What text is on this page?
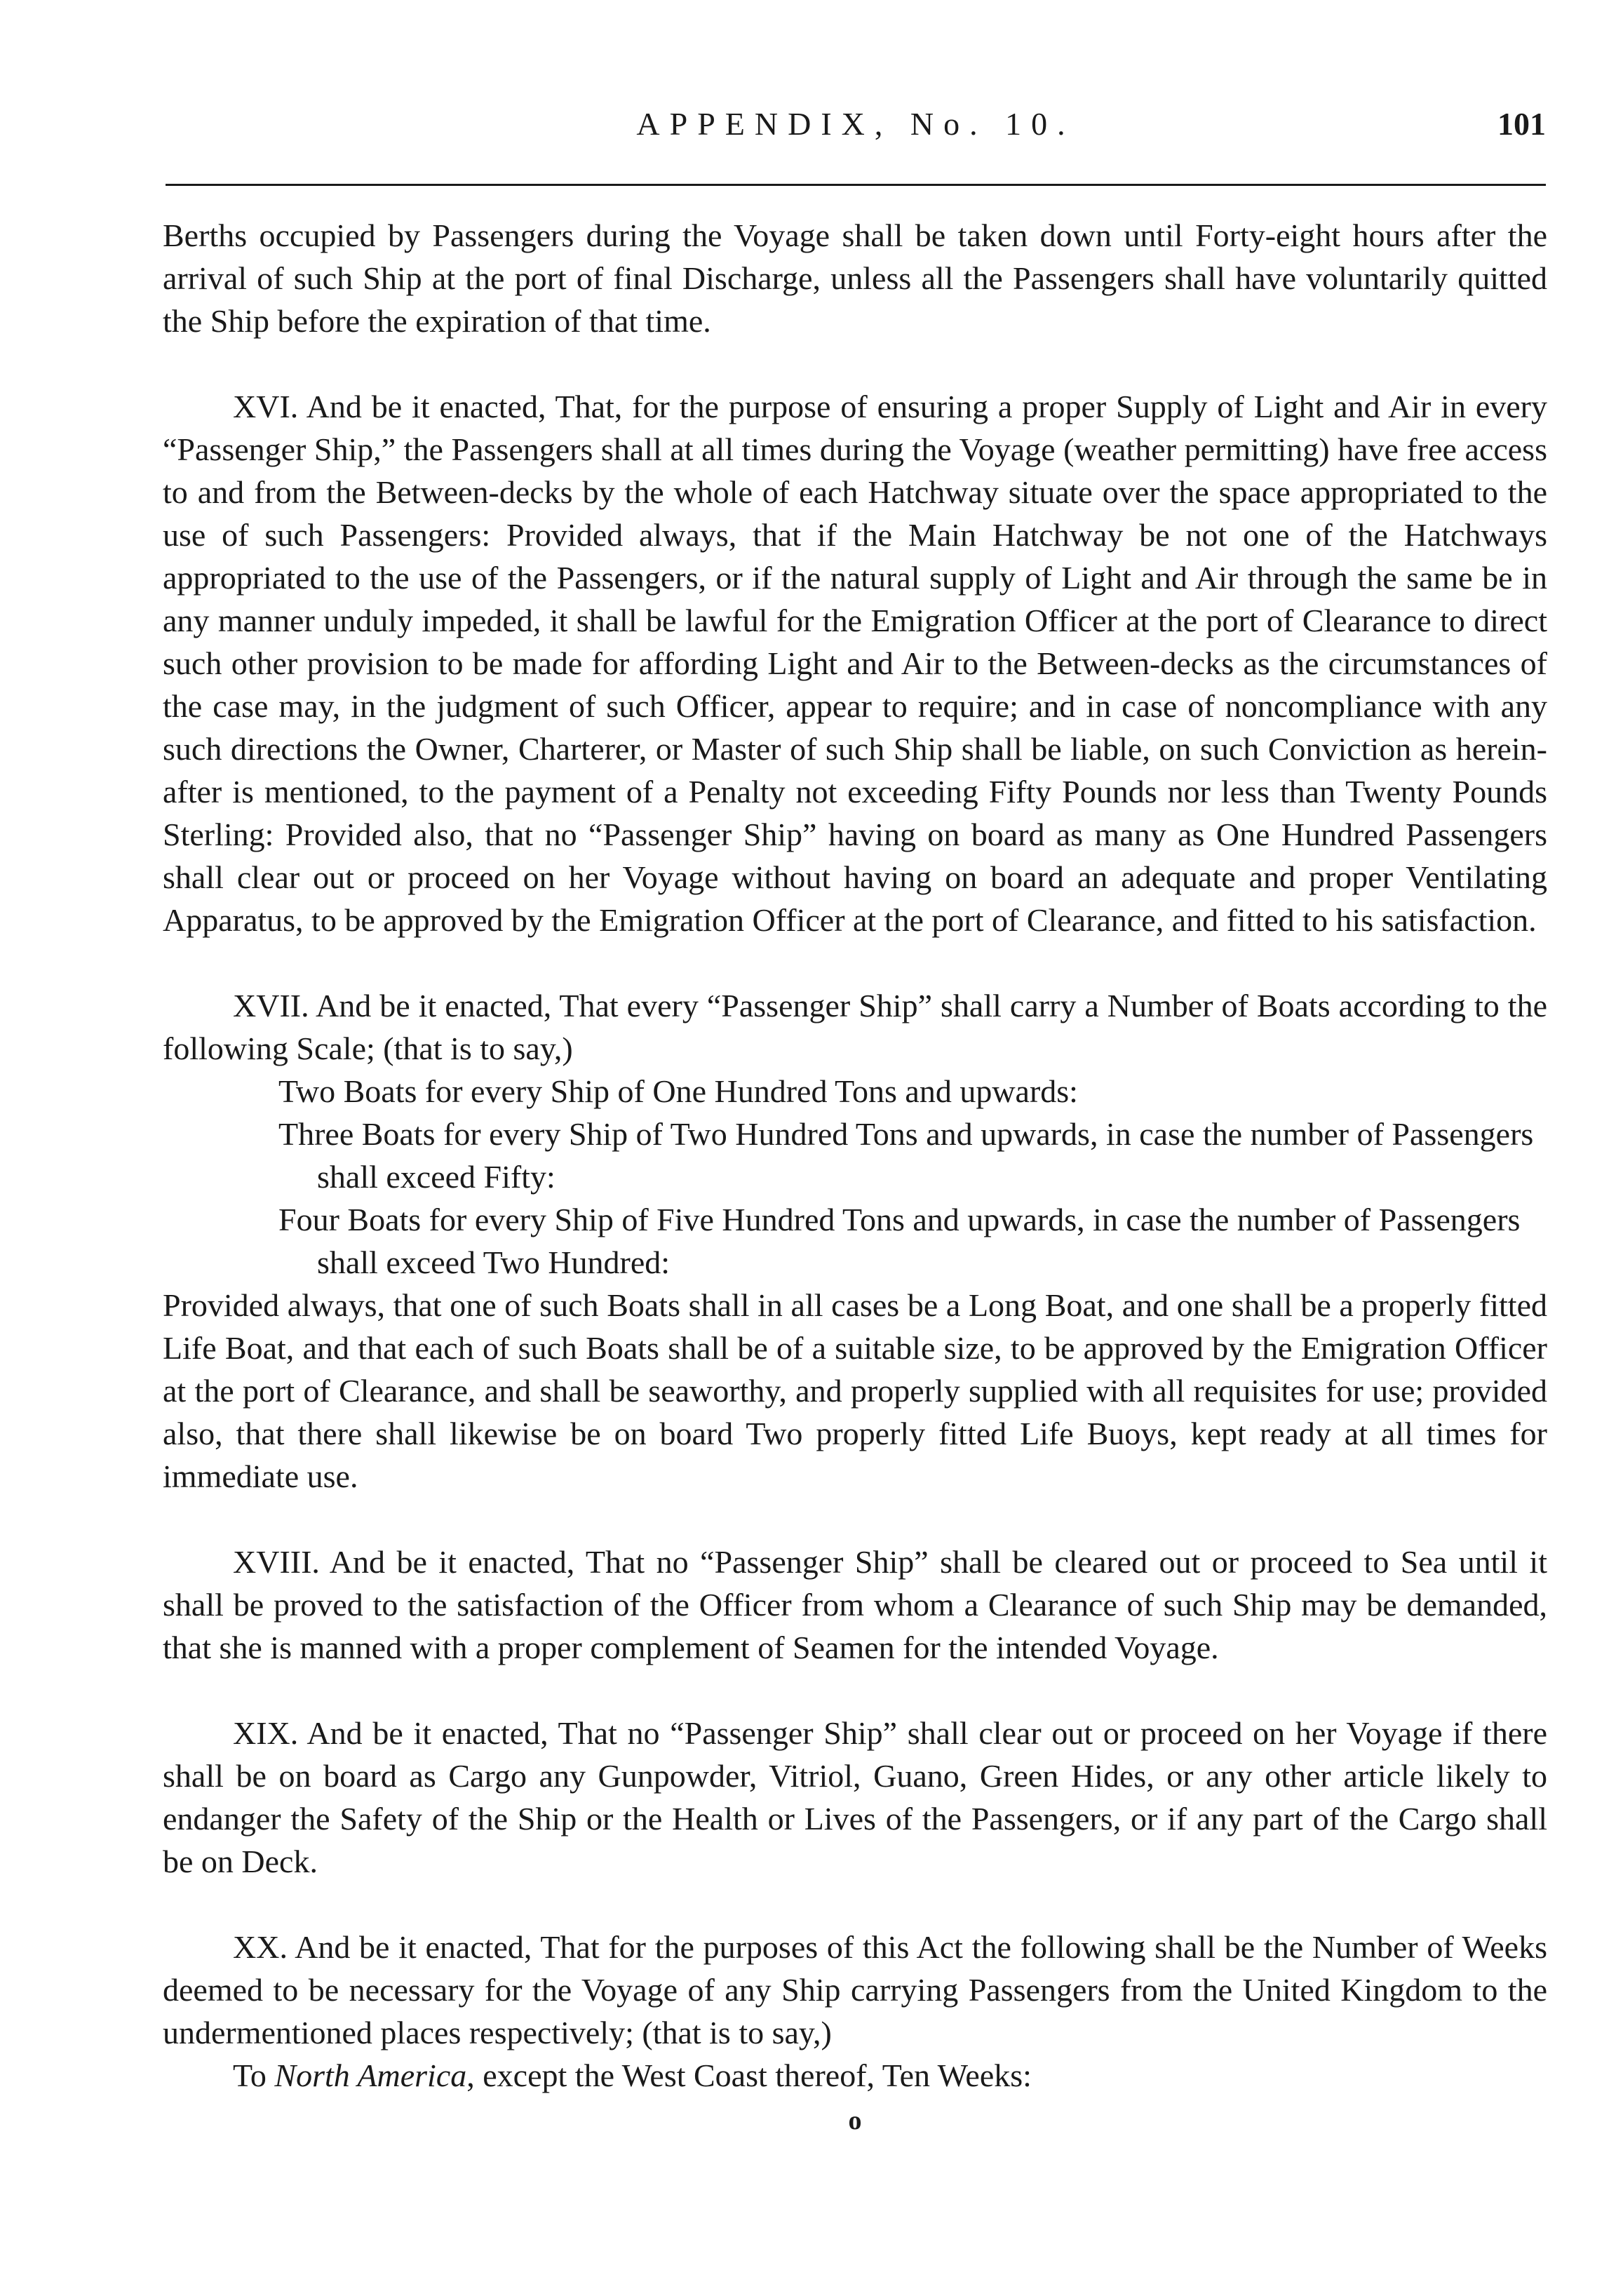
APPENDIX, No. 10.	101

Berths occupied by Passengers during the Voyage shall be taken down until Forty-eight hours after the arrival of such Ship at the port of final Discharge, unless all the Passengers shall have voluntarily quitted the Ship before the expiration of that time.

XVI. And be it enacted, That, for the purpose of ensuring a proper Supply of Light and Air in every “Passenger Ship,” the Passengers shall at all times during the Voyage (weather permitting) have free access to and from the Between-decks by the whole of each Hatchway situate over the space appropriated to the use of such Passengers: Provided always, that if the Main Hatchway be not one of the Hatchways appropriated to the use of the Passengers, or if the natural supply of Light and Air through the same be in any manner unduly impeded, it shall be lawful for the Emigration Officer at the port of Clearance to direct such other provision to be made for affording Light and Air to the Between-decks as the circumstances of the case may, in the judgment of such Officer, appear to require; and in case of noncompliance with any such directions the Owner, Charterer, or Master of such Ship shall be liable, on such Conviction as herein-after is mentioned, to the payment of a Penalty not exceeding Fifty Pounds nor less than Twenty Pounds Sterling: Provided also, that no “Passenger Ship” having on board as many as One Hundred Passengers shall clear out or proceed on her Voyage without having on board an adequate and proper Ventilating Apparatus, to be approved by the Emigration Officer at the port of Clearance, and fitted to his satisfaction.

XVII. And be it enacted, That every “Passenger Ship” shall carry a Number of Boats according to the following Scale; (that is to say,)

Two Boats for every Ship of One Hundred Tons and upwards:

Three Boats for every Ship of Two Hundred Tons and upwards, in case the number of Passengers shall exceed Fifty:

Four Boats for every Ship of Five Hundred Tons and upwards, in case the number of Passengers shall exceed Two Hundred:

Provided always, that one of such Boats shall in all cases be a Long Boat, and one shall be a properly fitted Life Boat, and that each of such Boats shall be of a suitable size, to be approved by the Emigration Officer at the port of Clearance, and shall be seaworthy, and properly supplied with all requisites for use; provided also, that there shall likewise be on board Two properly fitted Life Buoys, kept ready at all times for immediate use.

XVIII. And be it enacted, That no “Passenger Ship” shall be cleared out or proceed to Sea until it shall be proved to the satisfaction of the Officer from whom a Clearance of such Ship may be demanded, that she is manned with a proper complement of Seamen for the intended Voyage.

XIX. And be it enacted, That no “Passenger Ship” shall clear out or proceed on her Voyage if there shall be on board as Cargo any Gunpowder, Vitriol, Guano, Green Hides, or any other article likely to endanger the Safety of the Ship or the Health or Lives of the Passengers, or if any part of the Cargo shall be on Deck.

XX. And be it enacted, That for the purposes of this Act the following shall be the Number of Weeks deemed to be necessary for the Voyage of any Ship carrying Passengers from the United Kingdom to the undermentioned places respectively; (that is to say,)

To North America, except the West Coast thereof, Ten Weeks:

o
